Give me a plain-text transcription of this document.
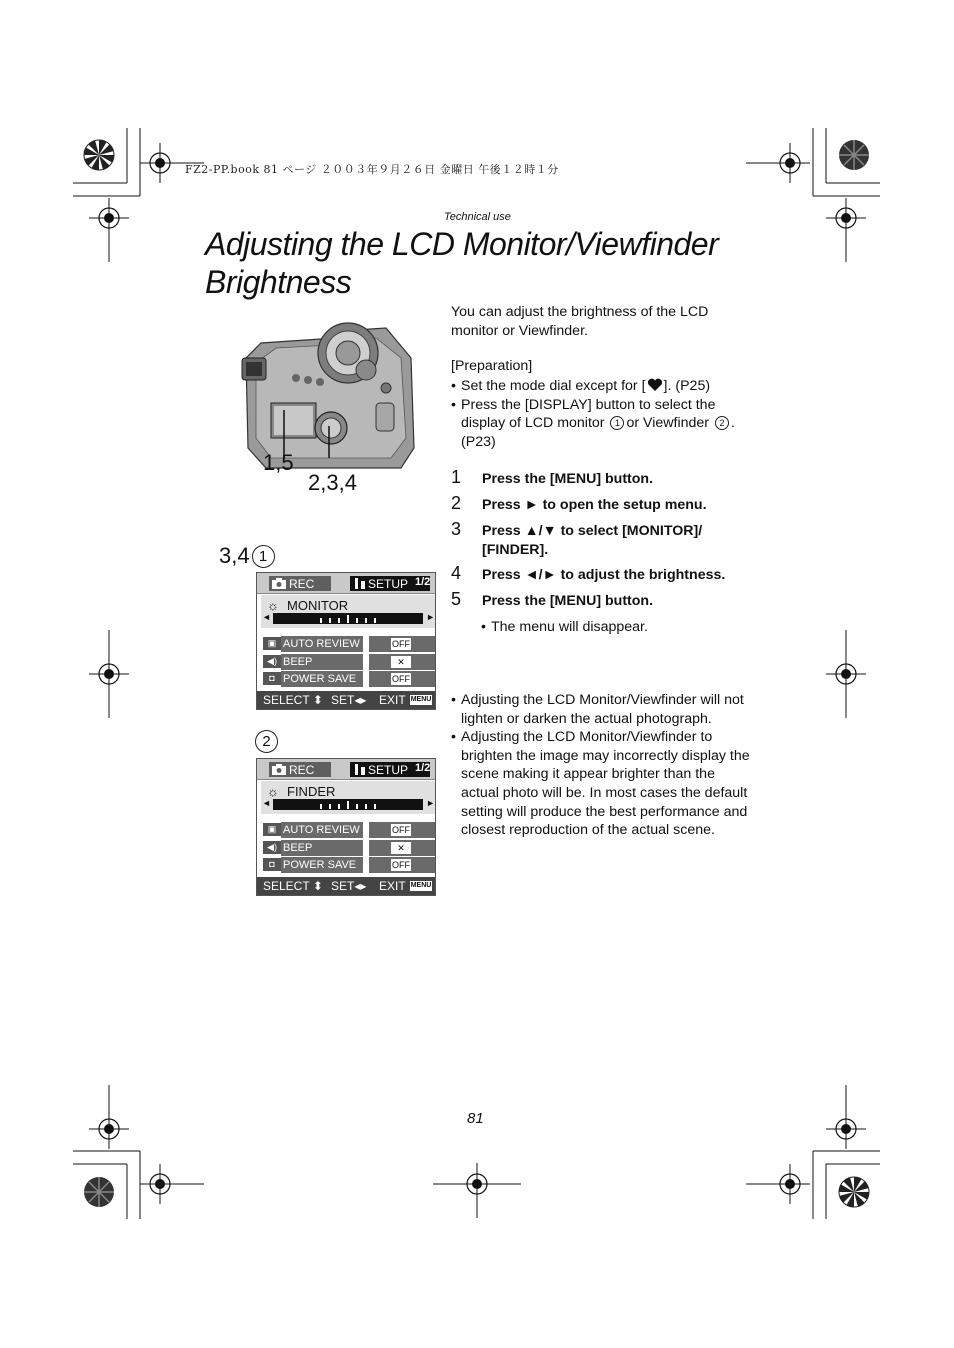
FZ2-PP.book 81 ページ ２００３年９月２６日 金曜日 午後１２時１分
Technical use
Adjusting the LCD Monitor/Viewfinder
Brightness
1,5
2,3,4
You can adjust the brightness of the LCD monitor or Viewfinder.
[Preparation]
• Set the mode dial except for [ ]. (P25)
• Press the [DISPLAY] button to select the display of LCD monitor 1 or Viewfinder 2 . (P23)
1 Press the [MENU] button.
2 Press ► to open the setup menu.
3 Press ▲/▼ to select [MONITOR]/ [FINDER].
4 Press ◄/► to adjust the brightness.
5 Press the [MENU] button.
• The menu will disappear.
• Adjusting the LCD Monitor/Viewfinder will not lighten or darken the actual photograph.
• Adjusting the LCD Monitor/Viewfinder to brighten the image may incorrectly display the scene making it appear brighter than the actual photo will be. In most cases the default setting will produce the best performance and closest reproduction of the actual scene.
3,4 1
REC	SETUP 1/2
☼ MONITOR
◄	►
▣ AUTO REVIEW	OFF
◀) BEEP	✕
◘ POWER SAVE	OFF
SELECT ⬍ SET◂▸ EXIT MENU
2
REC	SETUP 1/2
☼ FINDER
◄	►
▣ AUTO REVIEW	OFF
◀) BEEP	✕
◘ POWER SAVE	OFF
SELECT ⬍ SET◂▸ EXIT MENU
81
